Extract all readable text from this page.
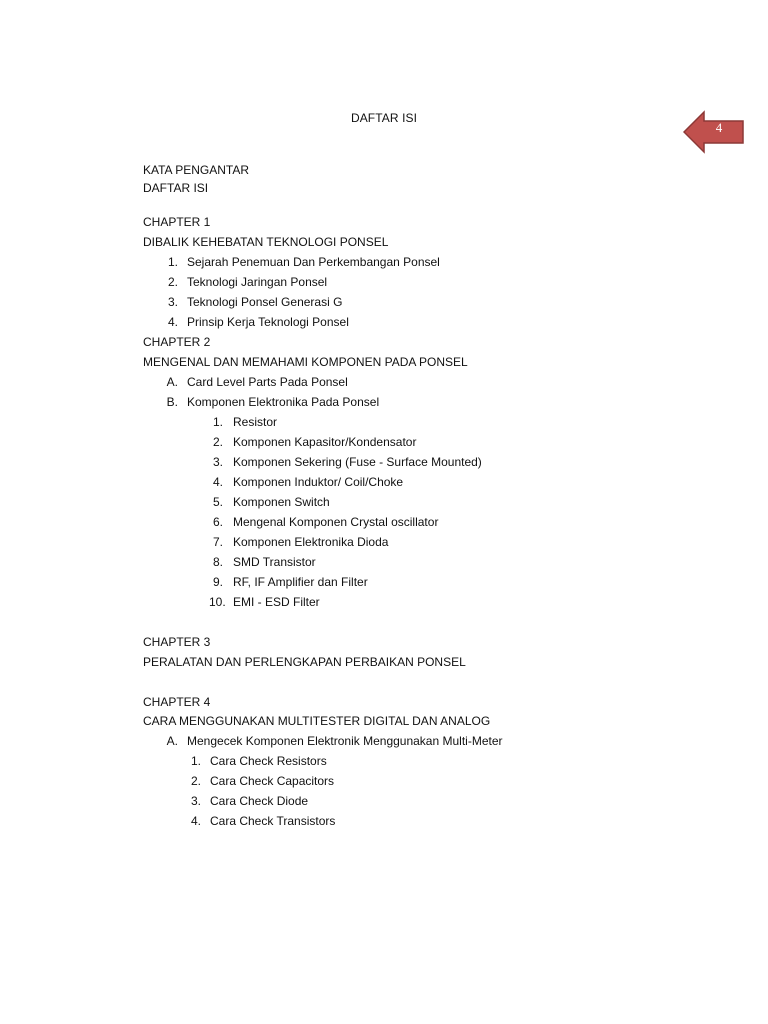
4
DAFTAR ISI
KATA PENGANTAR
DAFTAR ISI
CHAPTER 1
DIBALIK KEHEBATAN TEKNOLOGI PONSEL
1. Sejarah Penemuan Dan Perkembangan Ponsel
2. Teknologi Jaringan Ponsel
3. Teknologi Ponsel Generasi G
4. Prinsip Kerja Teknologi Ponsel
CHAPTER 2
MENGENAL DAN MEMAHAMI KOMPONEN PADA PONSEL
A. Card Level Parts Pada Ponsel
B. Komponen Elektronika Pada Ponsel
1. Resistor
2. Komponen Kapasitor/Kondensator
3. Komponen Sekering (Fuse - Surface Mounted)
4. Komponen Induktor/ Coil/Choke
5. Komponen Switch
6. Mengenal Komponen Crystal oscillator
7. Komponen Elektronika Dioda
8. SMD Transistor
9. RF, IF Amplifier dan Filter
10. EMI - ESD Filter
CHAPTER 3
PERALATAN DAN PERLENGKAPAN PERBAIKAN PONSEL
CHAPTER 4
CARA MENGGUNAKAN MULTITESTER DIGITAL DAN ANALOG
A. Mengecek Komponen Elektronik Menggunakan Multi-Meter
1. Cara Check Resistors
2. Cara Check Capacitors
3. Cara Check Diode
4. Cara Check Transistors
